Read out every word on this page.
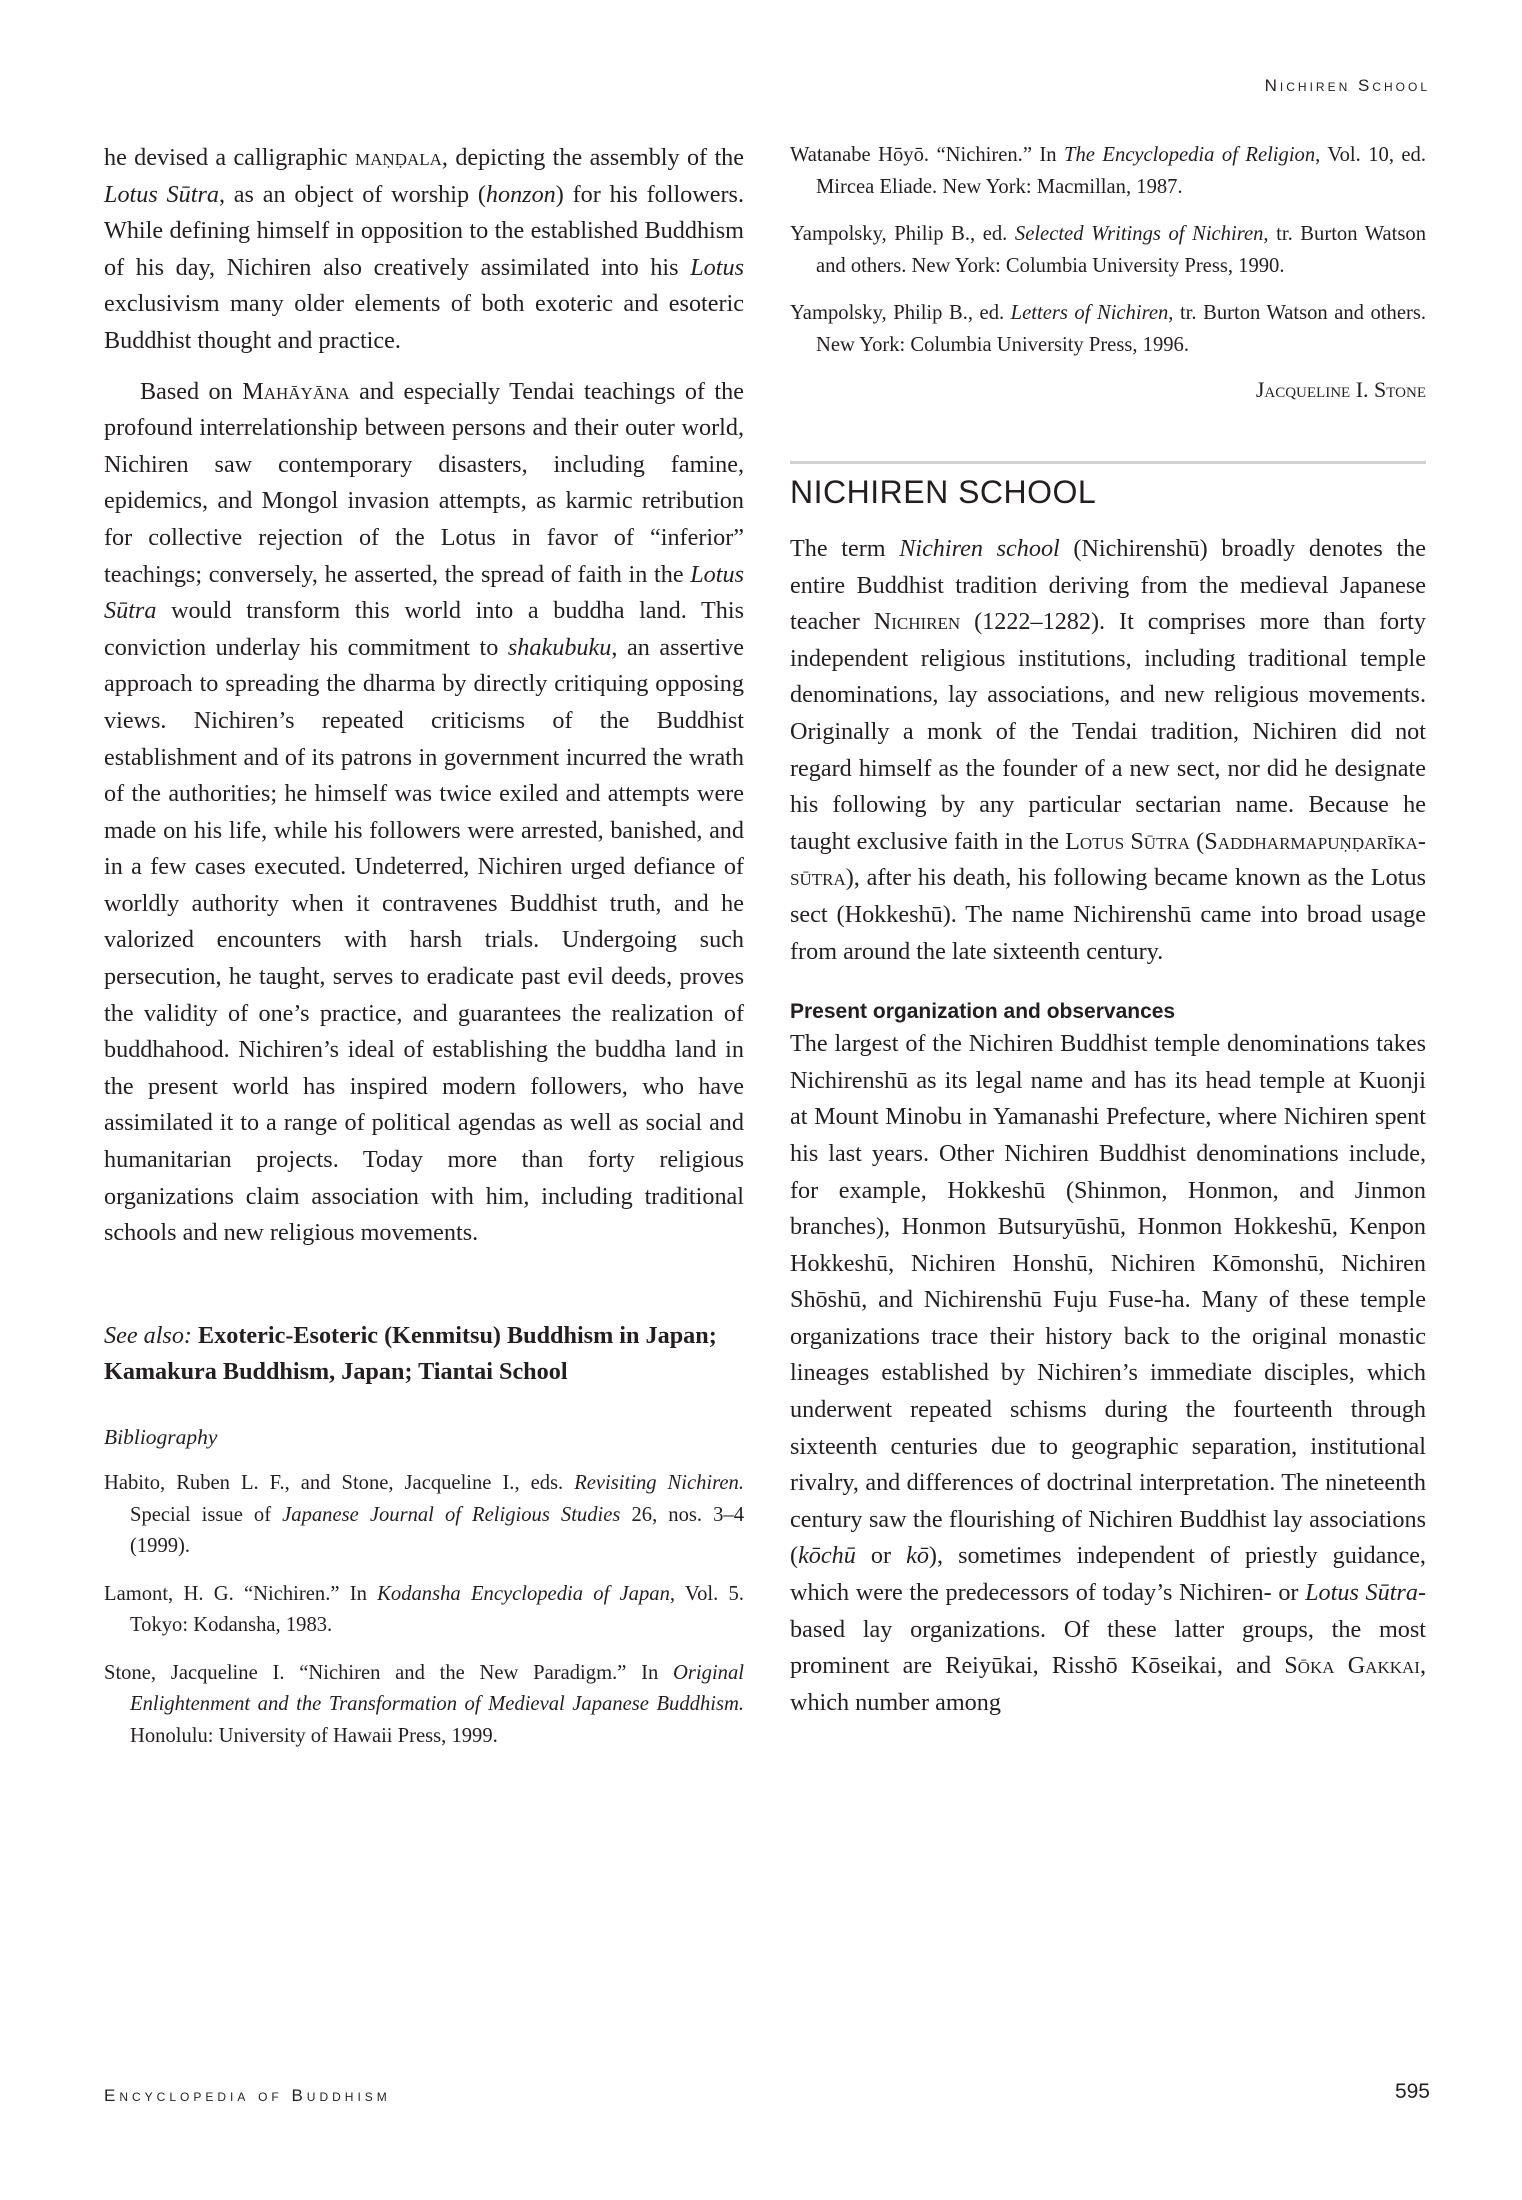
Nichiren School

he devised a calligraphic maṇḍala, depicting the assembly of the Lotus Sūtra, as an object of worship (honzon) for his followers. While defining himself in opposition to the established Buddhism of his day, Nichiren also creatively assimilated into his Lotus exclusivism many older elements of both exoteric and esoteric Buddhist thought and practice.

Based on Mahāyāna and especially Tendai teachings of the profound interrelationship between persons and their outer world, Nichiren saw contemporary disasters, including famine, epidemics, and Mongol invasion attempts, as karmic retribution for collective rejection of the Lotus in favor of “inferior” teachings; conversely, he asserted, the spread of faith in the Lotus Sūtra would transform this world into a buddha land. This conviction underlay his commitment to shakubuku, an assertive approach to spreading the dharma by directly critiquing opposing views. Nichiren’s repeated criticisms of the Buddhist establishment and of its patrons in government incurred the wrath of the authorities; he himself was twice exiled and attempts were made on his life, while his followers were arrested, banished, and in a few cases executed. Undeterred, Nichiren urged defiance of worldly authority when it contravenes Buddhist truth, and he valorized encounters with harsh trials. Undergoing such persecution, he taught, serves to eradicate past evil deeds, proves the validity of one’s practice, and guarantees the realization of buddhahood. Nichiren’s ideal of establishing the buddha land in the present world has inspired modern followers, who have assimilated it to a range of political agendas as well as social and humanitarian projects. Today more than forty religious organizations claim association with him, including traditional schools and new religious movements.

See also: Exoteric-Esoteric (Kenmitsu) Buddhism in Japan; Kamakura Buddhism, Japan; Tiantai School
Bibliography

Habito, Ruben L. F., and Stone, Jacqueline I., eds. Revisiting Nichiren. Special issue of Japanese Journal of Religious Studies 26, nos. 3–4 (1999).

Lamont, H. G. “Nichiren.” In Kodansha Encyclopedia of Japan, Vol. 5. Tokyo: Kodansha, 1983.

Stone, Jacqueline I. “Nichiren and the New Paradigm.” In Original Enlightenment and the Transformation of Medieval Japanese Buddhism. Honolulu: University of Hawaii Press, 1999.

Watanabe Hōyō. “Nichiren.” In The Encyclopedia of Religion, Vol. 10, ed. Mircea Eliade. New York: Macmillan, 1987.

Yampolsky, Philip B., ed. Selected Writings of Nichiren, tr. Burton Watson and others. New York: Columbia University Press, 1990.

Yampolsky, Philip B., ed. Letters of Nichiren, tr. Burton Watson and others. New York: Columbia University Press, 1996.

Jacqueline I. Stone
NICHIREN SCHOOL

The term Nichiren school (Nichirenshū) broadly denotes the entire Buddhist tradition deriving from the medieval Japanese teacher Nichiren (1222–1282). It comprises more than forty independent religious institutions, including traditional temple denominations, lay associations, and new religious movements. Originally a monk of the Tendai tradition, Nichiren did not regard himself as the founder of a new sect, nor did he designate his following by any particular sectarian name. Because he taught exclusive faith in the Lotus Sūtra (Saddharmapuṇḍarīka-sūtra), after his death, his following became known as the Lotus sect (Hokkeshū). The name Nichirenshū came into broad usage from around the late sixteenth century.

Present organization and observances

The largest of the Nichiren Buddhist temple denominations takes Nichirenshū as its legal name and has its head temple at Kuonji at Mount Minobu in Yamanashi Prefecture, where Nichiren spent his last years. Other Nichiren Buddhist denominations include, for example, Hokkeshū (Shinmon, Honmon, and Jinmon branches), Honmon Butsuryūshū, Honmon Hokkeshū, Kenpon Hokkeshū, Nichiren Honshū, Nichiren Kōmonshū, Nichiren Shōshū, and Nichirenshū Fuju Fuse-ha. Many of these temple organizations trace their history back to the original monastic lineages established by Nichiren’s immediate disciples, which underwent repeated schisms during the fourteenth through sixteenth centuries due to geographic separation, institutional rivalry, and differences of doctrinal interpretation. The nineteenth century saw the flourishing of Nichiren Buddhist lay associations (kōchū or kō), sometimes independent of priestly guidance, which were the predecessors of today’s Nichiren- or Lotus Sūtra-based lay organizations. Of these latter groups, the most prominent are Reiyūkai, Risshō Kōseikai, and Sōka Gakkai, which number among

Encyclopedia of Buddhism	595
